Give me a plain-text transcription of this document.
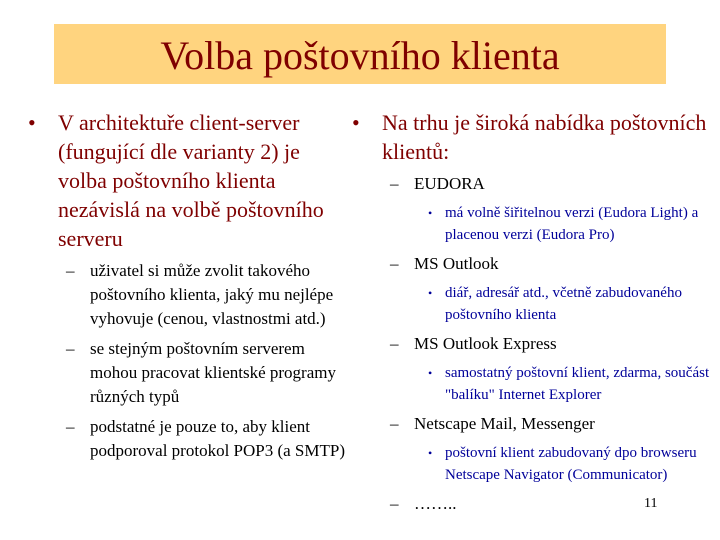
Volba poštovního klienta
• V architektuře client-server (fungující dle varianty 2) je volba poštovního klienta nezávislá na volbě poštovního serveru
– uživatel si může zvolit takového poštovního klienta, jaký mu nejlépe vyhovuje (cenou, vlastnostmi atd.)
– se stejným poštovním serverem mohou pracovat klientské programy různých typů
– podstatné je pouze to, aby klient podporoval protokol POP3 (a SMTP)
• Na trhu je široká nabídka poštovních klientů:
– EUDORA
• má volně šiřitelnou verzi (Eudora Light) a placenou verzi (Eudora Pro)
– MS Outlook
• diář, adresář atd., včetně zabudovaného poštovního klienta
– MS Outlook Express
• samostatný poštovní klient, zdarma, součást "balíku" Internet Explorer
– Netscape Mail, Messenger
• poštovní klient zabudovaný dpo browseru Netscape Navigator (Communicator)
– ……..	11
